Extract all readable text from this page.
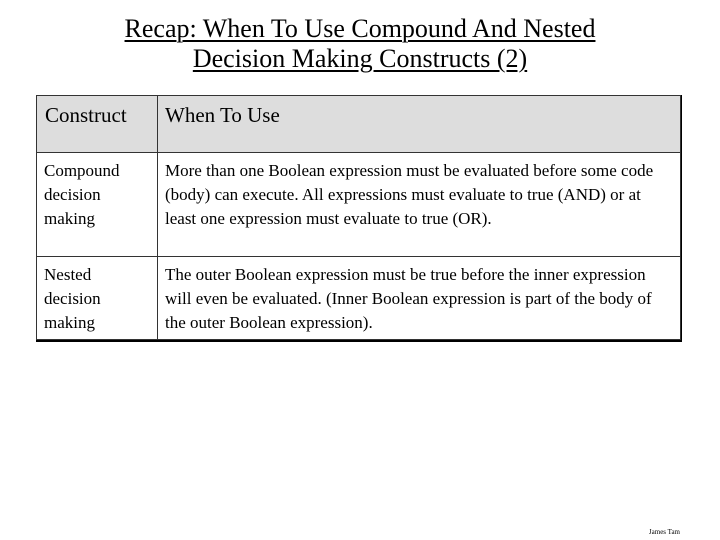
Recap: When To Use Compound And Nested
Decision Making Constructs (2)
Construct	When To Use
Compound decision making	More than one Boolean expression must be evaluated before some code (body) can execute. All expressions must evaluate to true (AND) or at least one expression must evaluate to true (OR).
Nested decision making	The outer Boolean expression must be true before the inner expression will even be evaluated. (Inner Boolean expression is part of the body of the outer Boolean expression).
James Tam
